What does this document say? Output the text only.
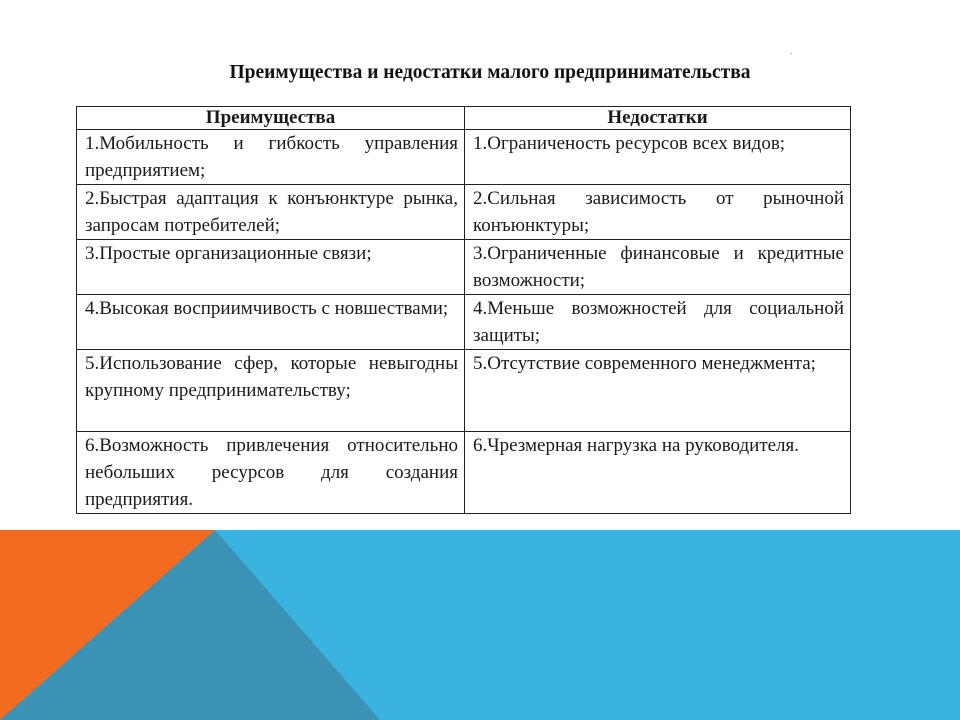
Преимущества и недостатки малого предпринимательства
.
Преимущества	Недостатки
1.Мобильность и гибкость управления предприятием;	1.Ограниченость ресурсов всех видов;
2.Быстрая адаптация к конъюнктуре рынка, запросам потребителей;	2.Сильная зависимость от рыночной конъюнктуры;
3.Простые организационные связи;	3.Ограниченные финансовые и кредитные возможности;
4.Высокая восприимчивость с новшествами;	4.Меньше возможностей для социальной защиты;
5.Использование сфер, которые невыгодны крупному предпринимательству;	5.Отсутствие современного менеджмента;
6.Возможность привлечения относительно небольших ресурсов для создания предприятия.	6.Чрезмерная нагрузка на руководителя.
